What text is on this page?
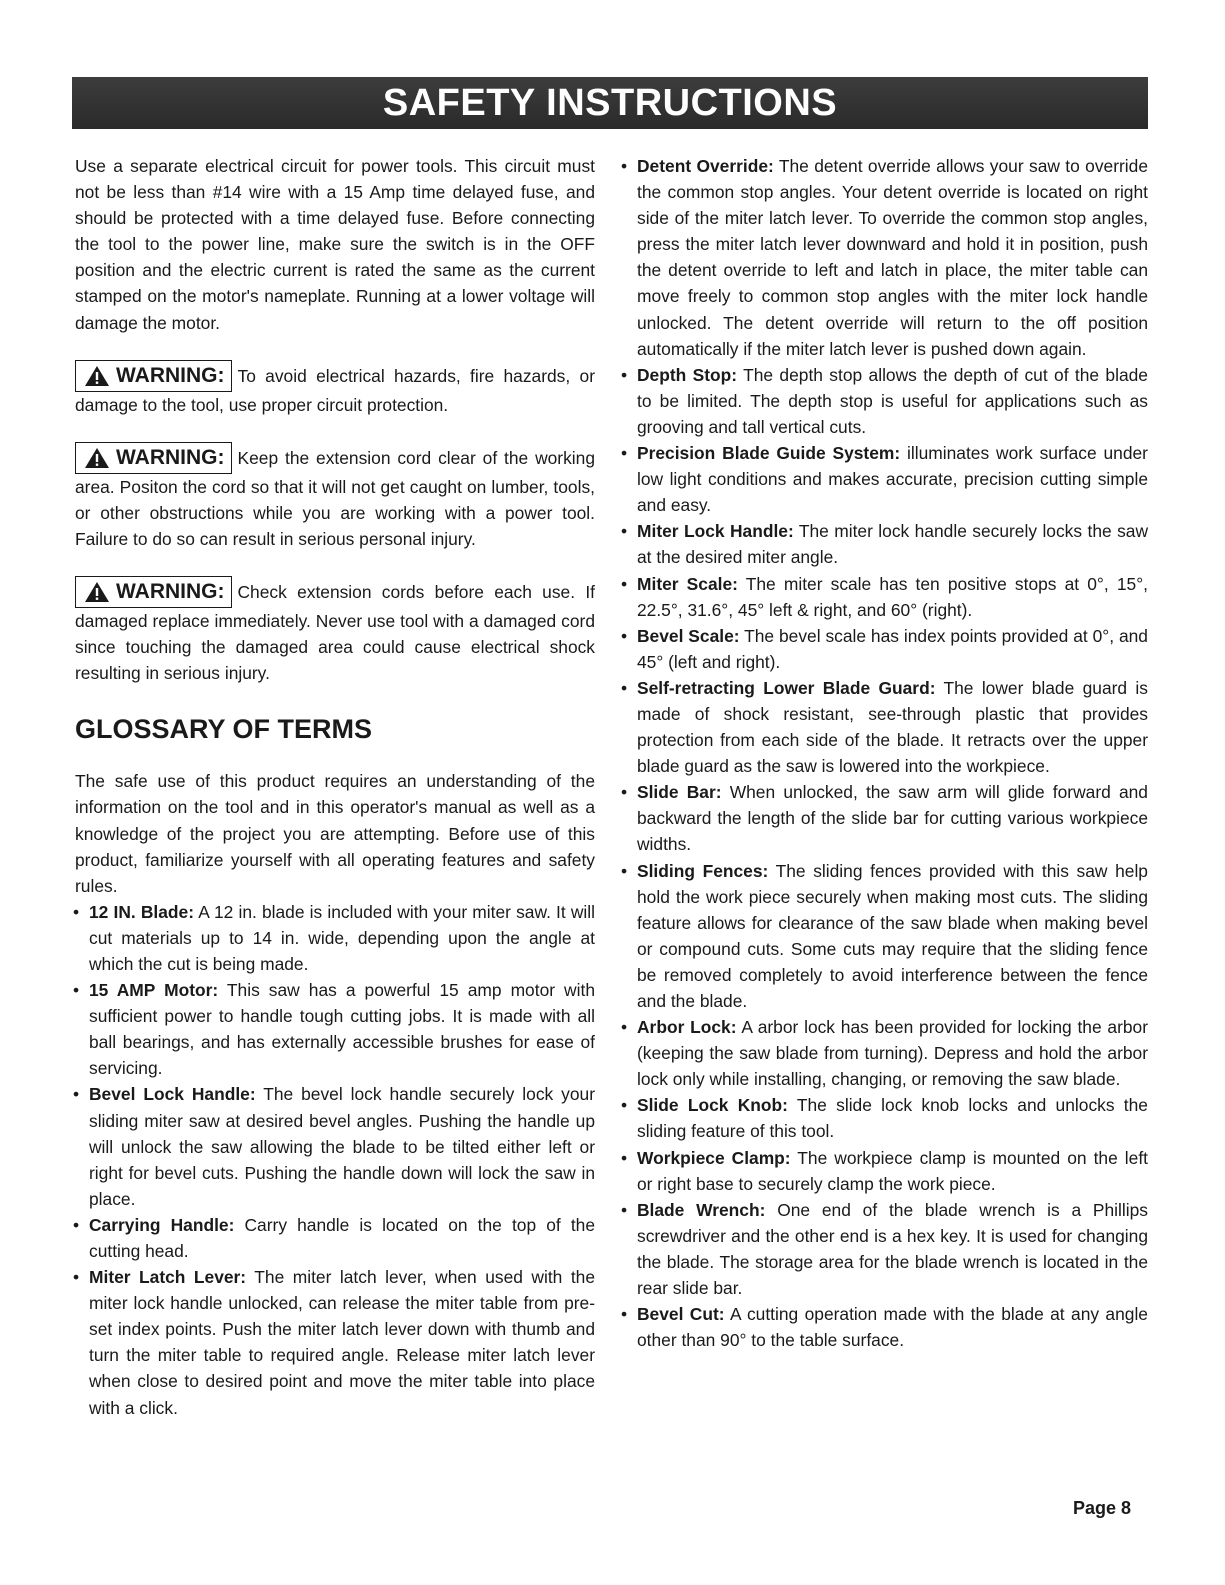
SAFETY INSTRUCTIONS

Use a separate electrical circuit for power tools. This circuit must not be less than #14 wire with a 15 Amp time delayed fuse, and should be protected with a time delayed fuse. Before connecting the tool to the power line, make sure the switch is in the OFF position and the electric current is rated the same as the current stamped on the motor's nameplate. Running at a lower voltage will damage the motor.

WARNING: To avoid electrical hazards, fire hazards, or damage to the tool, use proper circuit protection.
WARNING: Keep the extension cord clear of the working area. Positon the cord so that it will not get caught on lumber, tools, or other obstructions while you are working with a power tool. Failure to do so can result in serious personal injury.
WARNING: Check extension cords before each use. If damaged replace immediately. Never use tool with a damaged cord since touching the damaged area could cause electrical shock resulting in serious injury.
GLOSSARY OF TERMS

The safe use of this product requires an understanding of the information on the tool and in this operator's manual as well as a knowledge of the project you are attempting. Before use of this product, familiarize yourself with all operating features and safety rules.

• 12 IN. Blade: A 12 in. blade is included with your miter saw. It will cut materials up to 14 in. wide, depending upon the angle at which the cut is being made.
• 15 AMP Motor: This saw has a powerful 15 amp motor with sufficient power to handle tough cutting jobs. It is made with all ball bearings, and has externally accessible brushes for ease of servicing.
• Bevel Lock Handle: The bevel lock handle securely lock your sliding miter saw at desired bevel angles. Pushing the handle up will unlock the saw allowing the blade to be tilted either left or right for bevel cuts. Pushing the handle down will lock the saw in place.
• Carrying Handle: Carry handle is located on the top of the cutting head.
• Miter Latch Lever: The miter latch lever, when used with the miter lock handle unlocked, can release the miter table from pre-set index points. Push the miter latch lever down with thumb and turn the miter table to required angle. Release miter latch lever when close to desired point and move the miter table into place with a click.
• Detent Override: The detent override allows your saw to override the common stop angles. Your detent override is located on right side of the miter latch lever. To override the common stop angles, press the miter latch lever downward and hold it in position, push the detent override to left and latch in place, the miter table can move freely to common stop angles with the miter lock handle unlocked. The detent override will return to the off position automatically if the miter latch lever is pushed down again.
• Depth Stop: The depth stop allows the depth of cut of the blade to be limited. The depth stop is useful for applications such as grooving and tall vertical cuts.
• Precision Blade Guide System: illuminates work surface under low light conditions and makes accurate, precision cutting simple and easy.
• Miter Lock Handle: The miter lock handle securely locks the saw at the desired miter angle.
• Miter Scale: The miter scale has ten positive stops at 0°, 15°, 22.5°, 31.6°, 45° left & right, and 60° (right).
• Bevel Scale: The bevel scale has index points provided at 0°, and 45° (left and right).
• Self-retracting Lower Blade Guard: The lower blade guard is made of shock resistant, see-through plastic that provides protection from each side of the blade. It retracts over the upper blade guard as the saw is lowered into the workpiece.
• Slide Bar: When unlocked, the saw arm will glide forward and backward the length of the slide bar for cutting various workpiece widths.
• Sliding Fences: The sliding fences provided with this saw help hold the work piece securely when making most cuts. The sliding feature allows for clearance of the saw blade when making bevel or compound cuts. Some cuts may require that the sliding fence be removed completely to avoid interference between the fence and the blade.
• Arbor Lock: A arbor lock has been provided for locking the arbor (keeping the saw blade from turning). Depress and hold the arbor lock only while installing, changing, or removing the saw blade.
• Slide Lock Knob: The slide lock knob locks and unlocks the sliding feature of this tool.
• Workpiece Clamp: The workpiece clamp is mounted on the left or right base to securely clamp the work piece.
• Blade Wrench: One end of the blade wrench is a Phillips screwdriver and the other end is a hex key. It is used for changing the blade. The storage area for the blade wrench is located in the rear slide bar.
• Bevel Cut: A cutting operation made with the blade at any angle other than 90° to the table surface.
Page 8
